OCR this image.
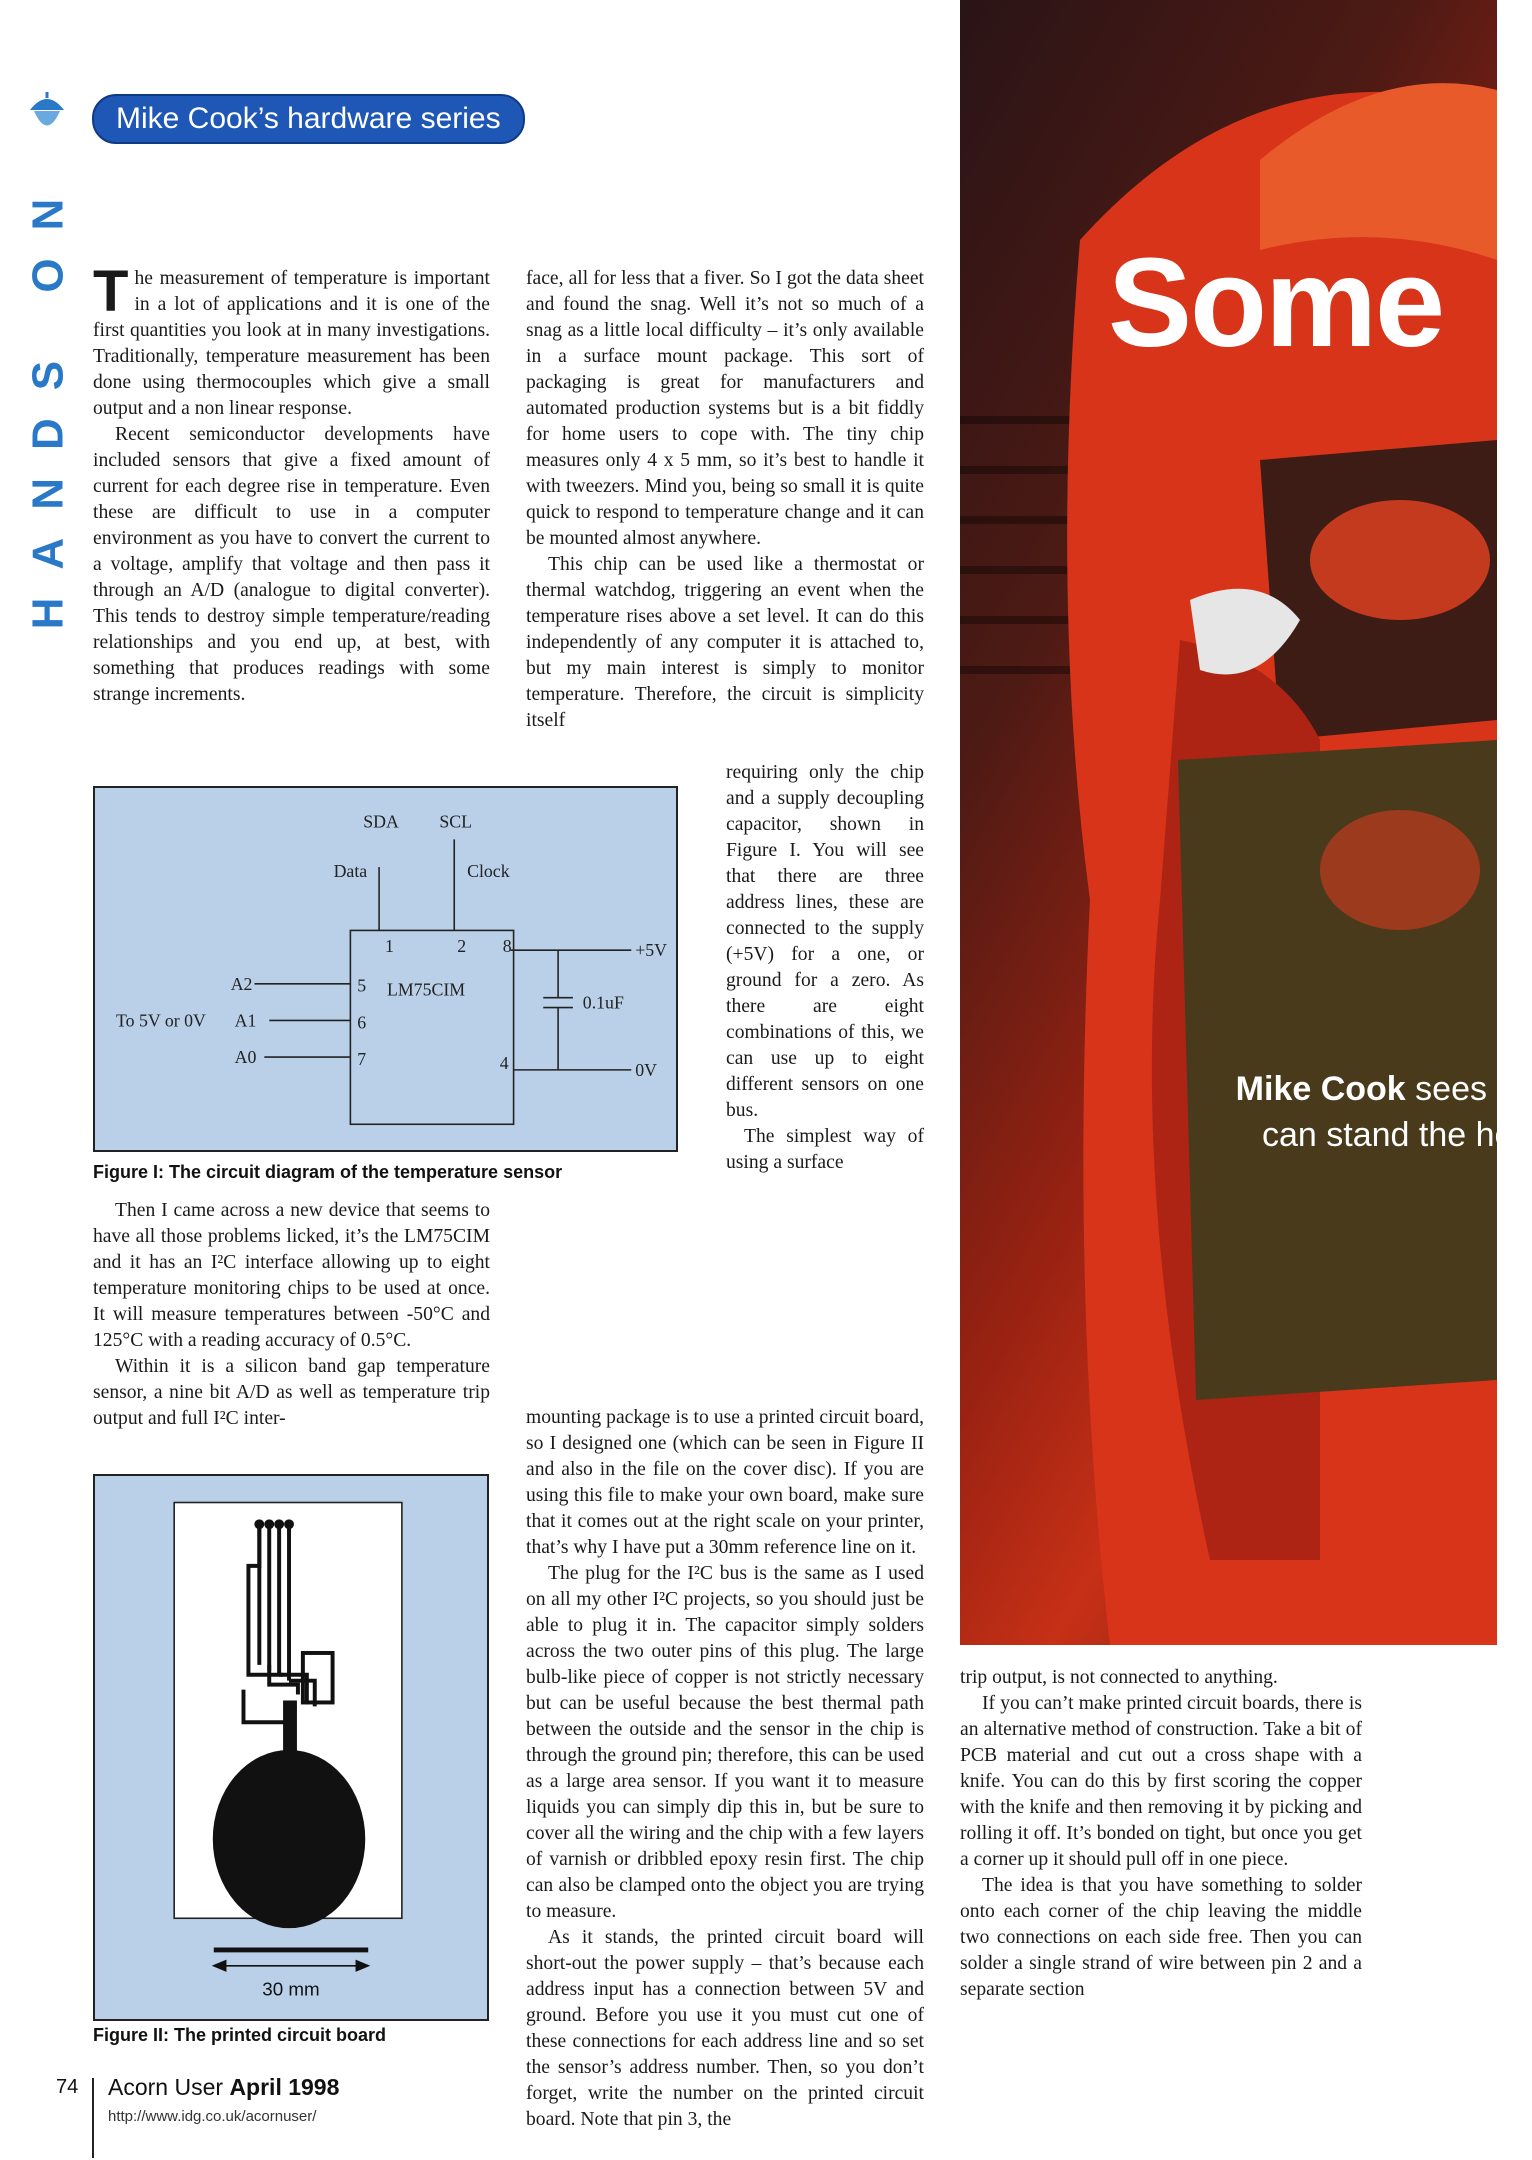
HANDS ON
Mike Cook’s hardware series

The measurement of temperature is important in a lot of applications and it is one of the first quantities you look at in many investigations. Traditionally, temperature measurement has been done using thermocouples which give a small output and a non linear response.

Recent semiconductor developments have included sensors that give a fixed amount of current for each degree rise in temperature. Even these are difficult to use in a computer environment as you have to convert the current to a voltage, amplify that voltage and then pass it through an A/D (analogue to digital converter). This tends to destroy simple temperature/reading relationships and you end up, at best, with something that produces readings with some strange increments.

SDA SCL
Data	Clock
1	2 8
5
6
7	4
LM75CIM
A2
A1
A0
To 5V or 0V
+5V
0.1uF
0V
Figure I: The circuit diagram of the temperature sensor

Then I came across a new device that seems to have all those problems licked, it’s the LM75CIM and it has an I²C interface allowing up to eight temperature monitoring chips to be used at once. It will measure temperatures between -50°C and 125°C with a reading accuracy of 0.5°C.

Within it is a silicon band gap temperature sensor, a nine bit A/D as well as temperature trip output and full I²C inter-

30 mm
Figure II: The printed circuit board

face, all for less that a fiver. So I got the data sheet and found the snag. Well it’s not so much of a snag as a little local difficulty – it’s only available in a surface mount package. This sort of packaging is great for manufacturers and automated production systems but is a bit fiddly for home users to cope with. The tiny chip measures only 4 x 5 mm, so it’s best to handle it with tweezers. Mind you, being so small it is quite quick to respond to temperature change and it can be mounted almost anywhere.

This chip can be used like a thermostat or thermal watchdog, triggering an event when the temperature rises above a set level. It can do this independently of any computer it is attached to, but my main interest is simply to monitor temperature. Therefore, the circuit is simplicity itself

requiring only the chip and a supply decoupling capacitor, shown in Figure I. You will see that there are three address lines, these are connected to the supply (+5V) for a one, or ground for a zero. As there are eight combinations of this, we can use up to eight different sensors on one bus.

The simplest way of using a surface

mounting package is to use a printed circuit board, so I designed one (which can be seen in Figure II and also in the file on the cover disc). If you are using this file to make your own board, make sure that it comes out at the right scale on your printer, that’s why I have put a 30mm reference line on it.

The plug for the I²C bus is the same as I used on all my other I²C projects, so you should just be able to plug it in. The capacitor simply solders across the two outer pins of this plug. The large bulb-like piece of copper is not strictly necessary but can be useful because the best thermal path between the outside and the sensor in the chip is through the ground pin; therefore, this can be used as a large area sensor. If you want it to measure liquids you can simply dip this in, but be sure to cover all the wiring and the chip with a few layers of varnish or dribbled epoxy resin first. The chip can also be clamped onto the object you are trying to measure.

As it stands, the printed circuit board will short-out the power supply – that’s because each address input has a connection between 5V and ground. Before you use it you must cut one of these connections for each address line and so set the sensor’s address number. Then, so you don’t forget, write the number on the printed circuit board. Note that pin 3, the

Some
Mike Cook sees if I
can stand the hea

trip output, is not connected to anything.

If you can’t make printed circuit boards, there is an alternative method of construction. Take a bit of PCB material and cut out a cross shape with a knife. You can do this by first scoring the copper with the knife and then removing it by picking and rolling it off. It’s bonded on tight, but once you get a corner up it should pull off in one piece.

The idea is that you have something to solder onto each corner of the chip leaving the middle two connections on each side free. Then you can solder a single strand of wire between pin 2 and a separate section

74 Acorn User April 1998
http://www.idg.co.uk/acornuser/
